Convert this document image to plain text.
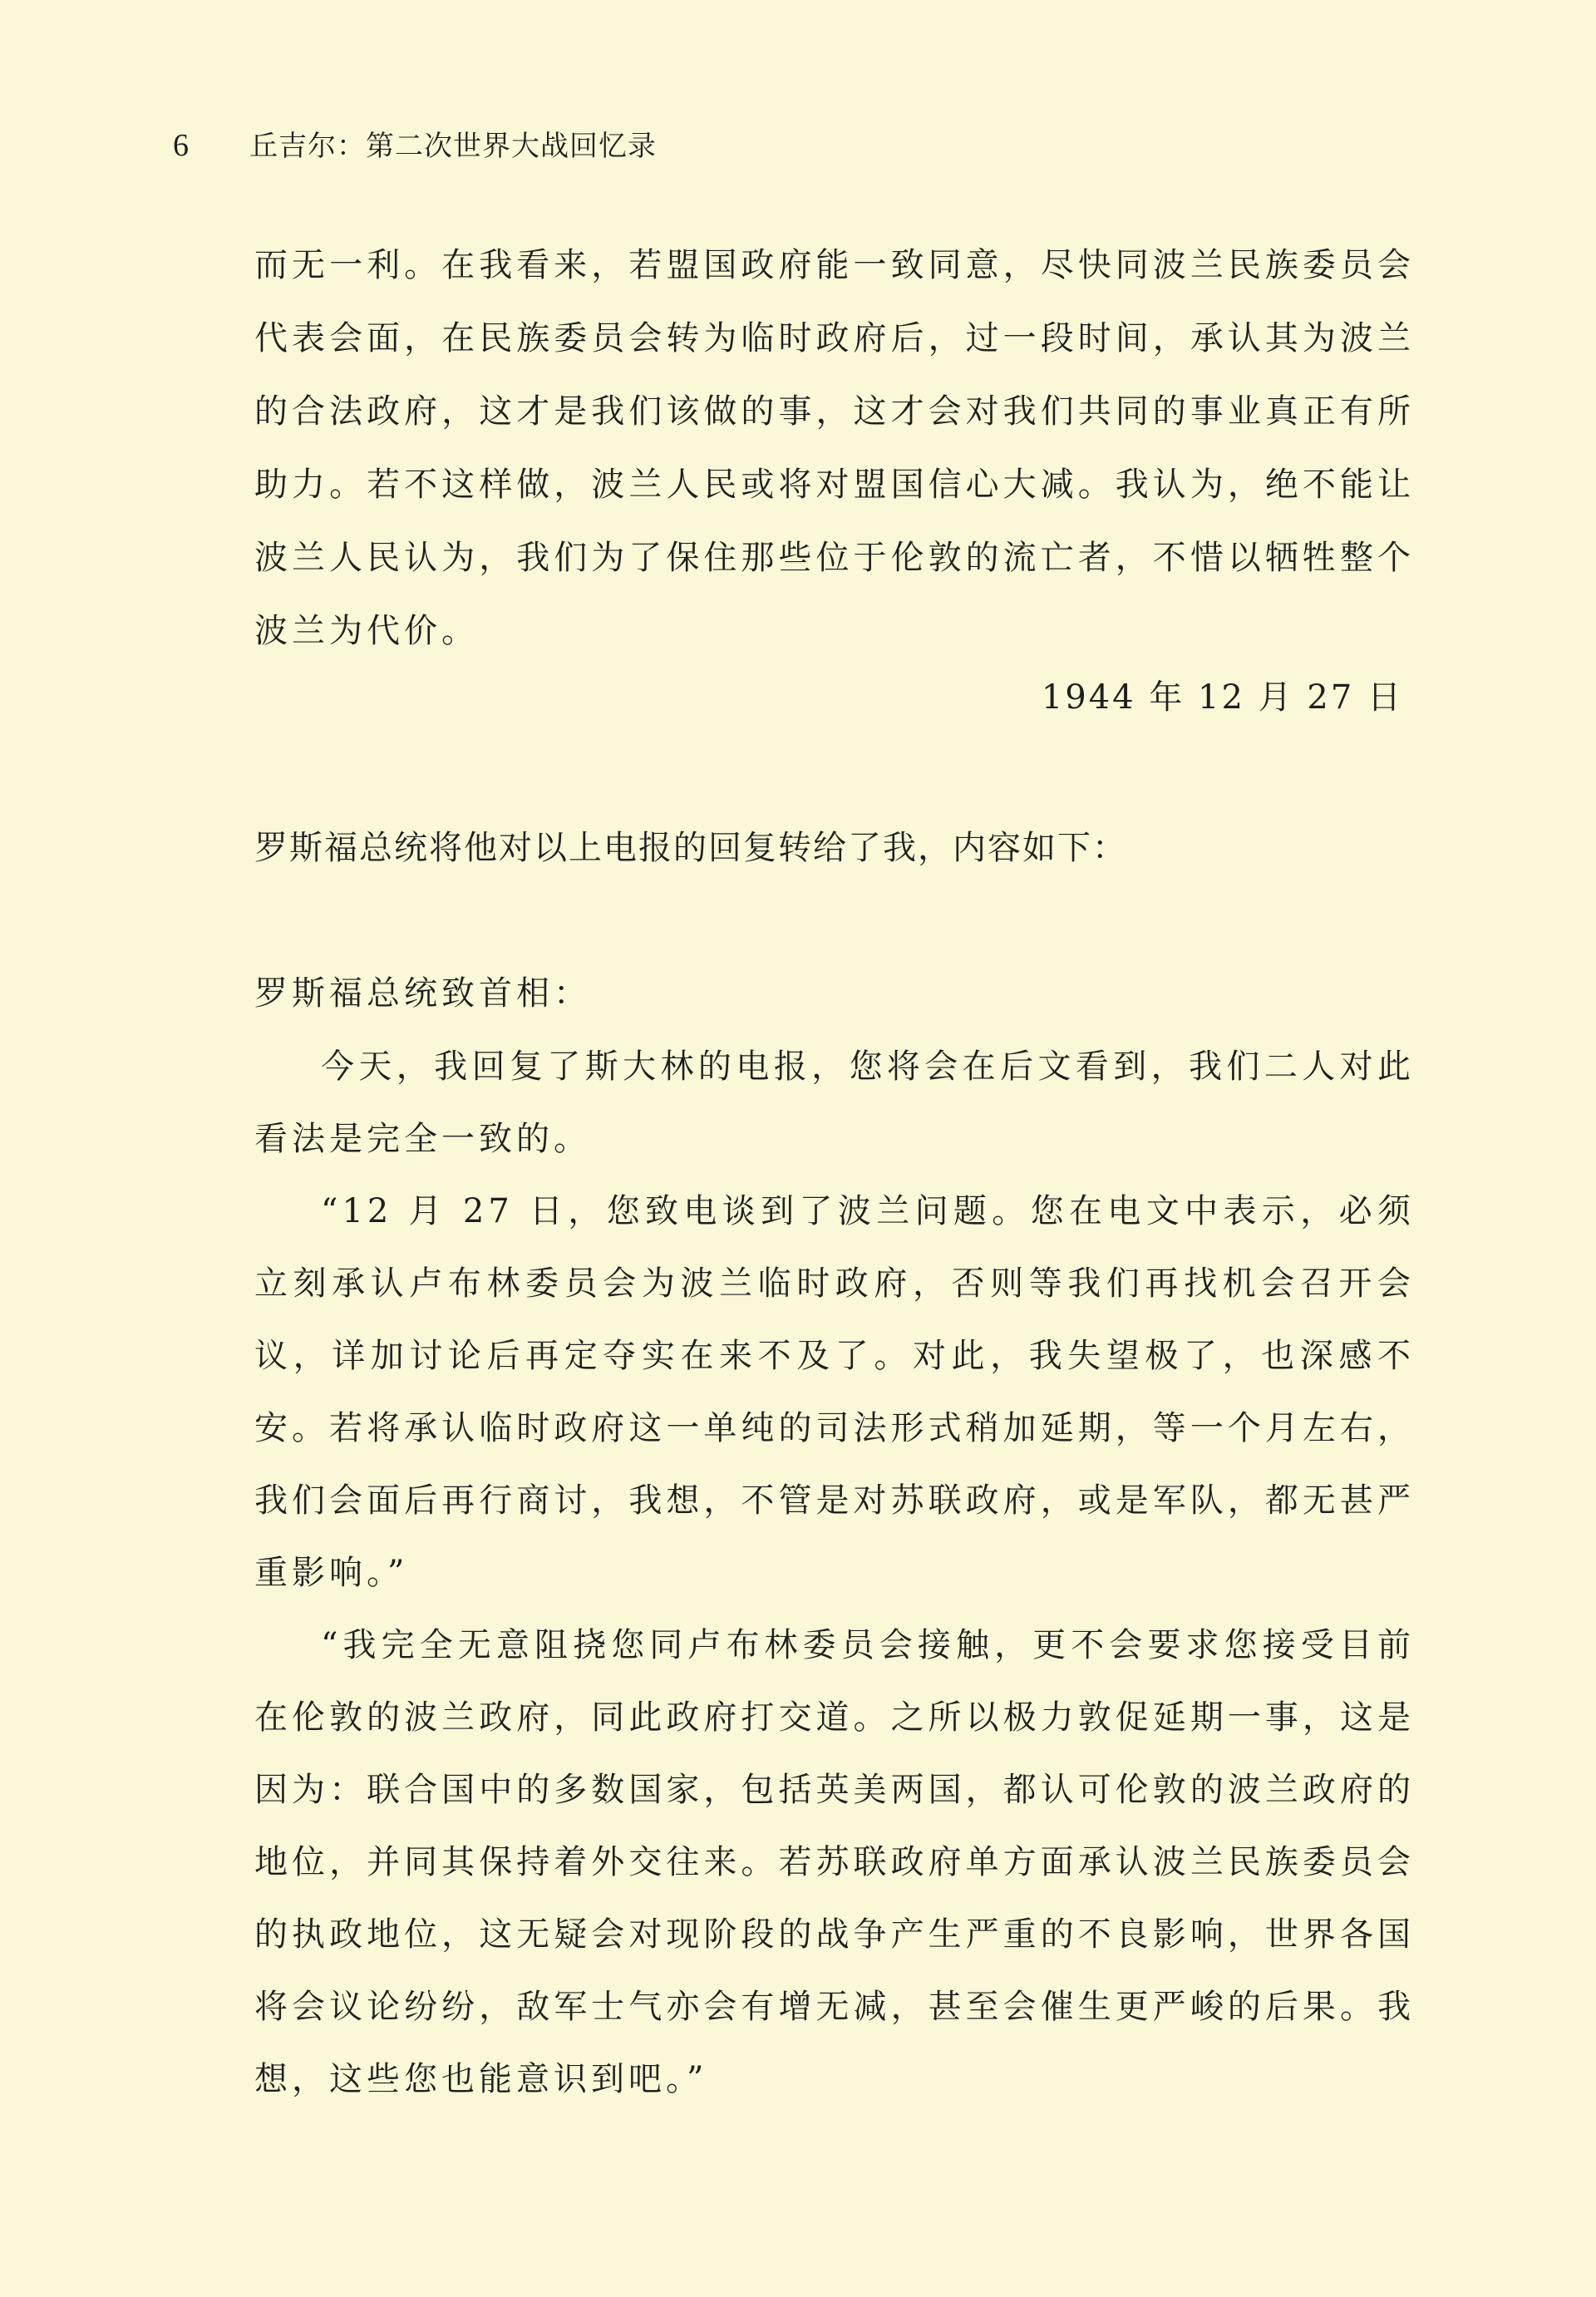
6 丘吉尔：第二次世界大战回忆录

而无一利。在我看来，若盟国政府能一致同意，尽快同波兰民族委员会代表会面，在民族委员会转为临时政府后，过一段时间，承认其为波兰的合法政府，这才是我们该做的事，这才会对我们共同的事业真正有所助力。若不这样做，波兰人民或将对盟国信心大减。我认为，绝不能让波兰人民认为，我们为了保住那些位于伦敦的流亡者，不惜以牺牲整个波兰为代价。

1944 年 12 月 27 日
罗斯福总统将他对以上电报的回复转给了我，内容如下：
罗斯福总统致首相：

今天，我回复了斯大林的电报，您将会在后文看到，我们二人对此看法是完全一致的。

“12 月 27 日，您致电谈到了波兰问题。您在电文中表示，必须立刻承认卢布林委员会为波兰临时政府，否则等我们再找机会召开会议，详加讨论后再定夺实在来不及了。对此，我失望极了，也深感不安。若将承认临时政府这一单纯的司法形式稍加延期，等一个月左右，我们会面后再行商讨，我想，不管是对苏联政府，或是军队，都无甚严重影响。”

“我完全无意阻挠您同卢布林委员会接触，更不会要求您接受目前在伦敦的波兰政府，同此政府打交道。之所以极力敦促延期一事，这是因为：联合国中的多数国家，包括英美两国，都认可伦敦的波兰政府的地位，并同其保持着外交往来。若苏联政府单方面承认波兰民族委员会的执政地位，这无疑会对现阶段的战争产生严重的不良影响，世界各国将会议论纷纷，敌军士气亦会有增无减，甚至会催生更严峻的后果。我想，这些您也能意识到吧。”
